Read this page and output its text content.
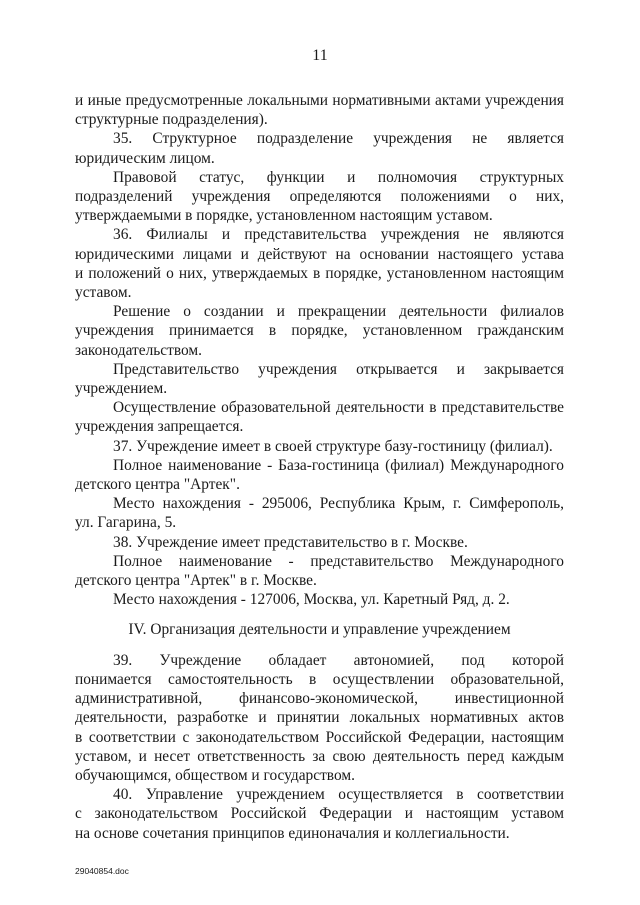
11
и иные предусмотренные локальными нормативными актами учреждения
структурные подразделения).
35. Структурное подразделение учреждения не является
юридическим лицом.
Правовой статус, функции и полномочия структурных
подразделений учреждения определяются положениями о них,
утверждаемыми в порядке, установленном настоящим уставом.
36. Филиалы и представительства учреждения не являются
юридическими лицами и действуют на основании настоящего устава
и положений о них, утверждаемых в порядке, установленном настоящим
уставом.
Решение о создании и прекращении деятельности филиалов
учреждения принимается в порядке, установленном гражданским
законодательством.
Представительство учреждения открывается и закрывается
учреждением.
Осуществление образовательной деятельности в представительстве
учреждения запрещается.
37. Учреждение имеет в своей структуре базу-гостиницу (филиал).
Полное наименование - База-гостиница (филиал) Международного
детского центра "Артек".
Место нахождения - 295006, Республика Крым, г. Симферополь,
ул. Гагарина, 5.
38. Учреждение имеет представительство в г. Москве.
Полное наименование - представительство Международного
детского центра "Артек" в г. Москве.
Место нахождения - 127006, Москва, ул. Каретный Ряд, д. 2.
IV. Организация деятельности и управление учреждением
39. Учреждение обладает автономией, под которой
понимается самостоятельность в осуществлении образовательной,
административной, финансово-экономической, инвестиционной
деятельности, разработке и принятии локальных нормативных актов
в соответствии с законодательством Российской Федерации, настоящим
уставом, и несет ответственность за свою деятельность перед каждым
обучающимся, обществом и государством.
40. Управление учреждением осуществляется в соответствии
с законодательством Российской Федерации и настоящим уставом
на основе сочетания принципов единоначалия и коллегиальности.
29040854.doc
